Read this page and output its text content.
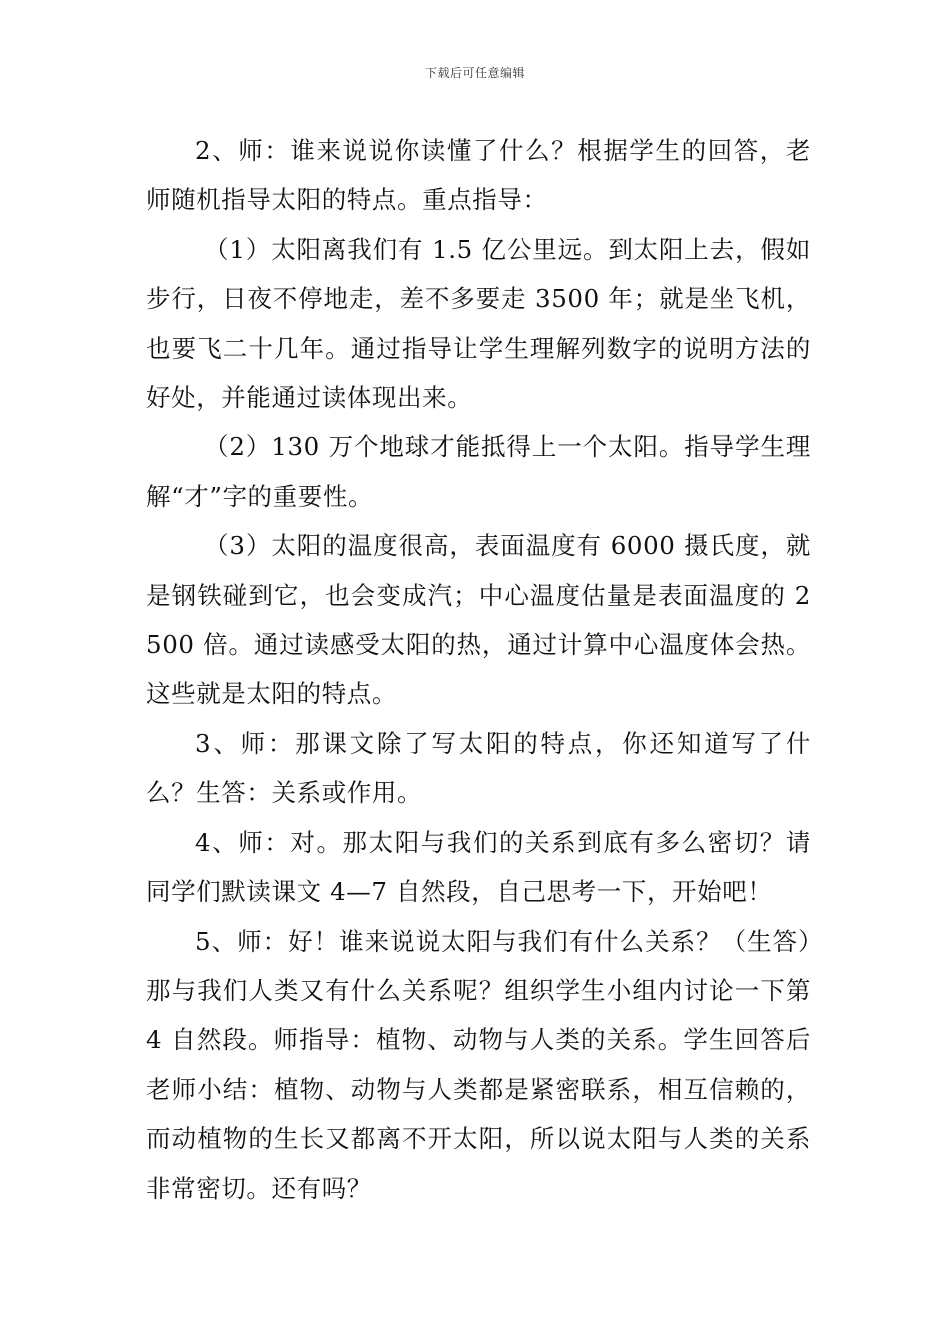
下载后可任意编辑

2、师：谁来说说你读懂了什么？根据学生的回答，老师随机指导太阳的特点。重点指导：

（1）太阳离我们有 1.5 亿公里远。到太阳上去，假如步行，日夜不停地走，差不多要走 3500 年；就是坐飞机，也要飞二十几年。通过指导让学生理解列数字的说明方法的好处，并能通过读体现出来。

（2）130 万个地球才能抵得上一个太阳。指导学生理解“才”字的重要性。

（3）太阳的温度很高，表面温度有 6000 摄氏度，就是钢铁碰到它，也会变成汽；中心温度估量是表面温度的 2500 倍。通过读感受太阳的热，通过计算中心温度体会热。这些就是太阳的特点。

3、师：那课文除了写太阳的特点，你还知道写了什么？生答：关系或作用。

4、师：对。那太阳与我们的关系到底有多么密切？请同学们默读课文 4—7 自然段，自己思考一下，开始吧！

5、师：好！谁来说说太阳与我们有什么关系？（生答）那与我们人类又有什么关系呢？组织学生小组内讨论一下第 4 自然段。师指导：植物、动物与人类的关系。学生回答后老师小结：植物、动物与人类都是紧密联系，相互信赖的，而动植物的生长又都离不开太阳，所以说太阳与人类的关系非常密切。还有吗？
